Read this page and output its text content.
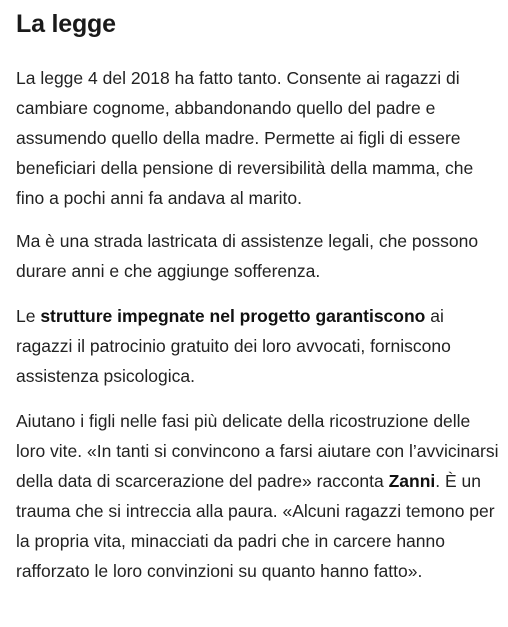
La legge

La legge 4 del 2018 ha fatto tanto. Consente ai ragazzi di cambiare cognome, abbandonando quello del padre e assumendo quello della madre. Permette ai figli di essere beneficiari della pensione di reversibilità della mamma, che fino a pochi anni fa andava al marito.

Ma è una strada lastricata di assistenze legali, che possono durare anni e che aggiunge sofferenza.

Le strutture impegnate nel progetto garantiscono ai ragazzi il patrocinio gratuito dei loro avvocati, forniscono assistenza psicologica.

Aiutano i figli nelle fasi più delicate della ricostruzione delle loro vite. «In tanti si convincono a farsi aiutare con l’avvicinarsi della data di scarcerazione del padre» racconta Zanni. È un trauma che si intreccia alla paura. «Alcuni ragazzi temono per la propria vita, minacciati da padri che in carcere hanno rafforzato le loro convinzioni su quanto hanno fatto».
